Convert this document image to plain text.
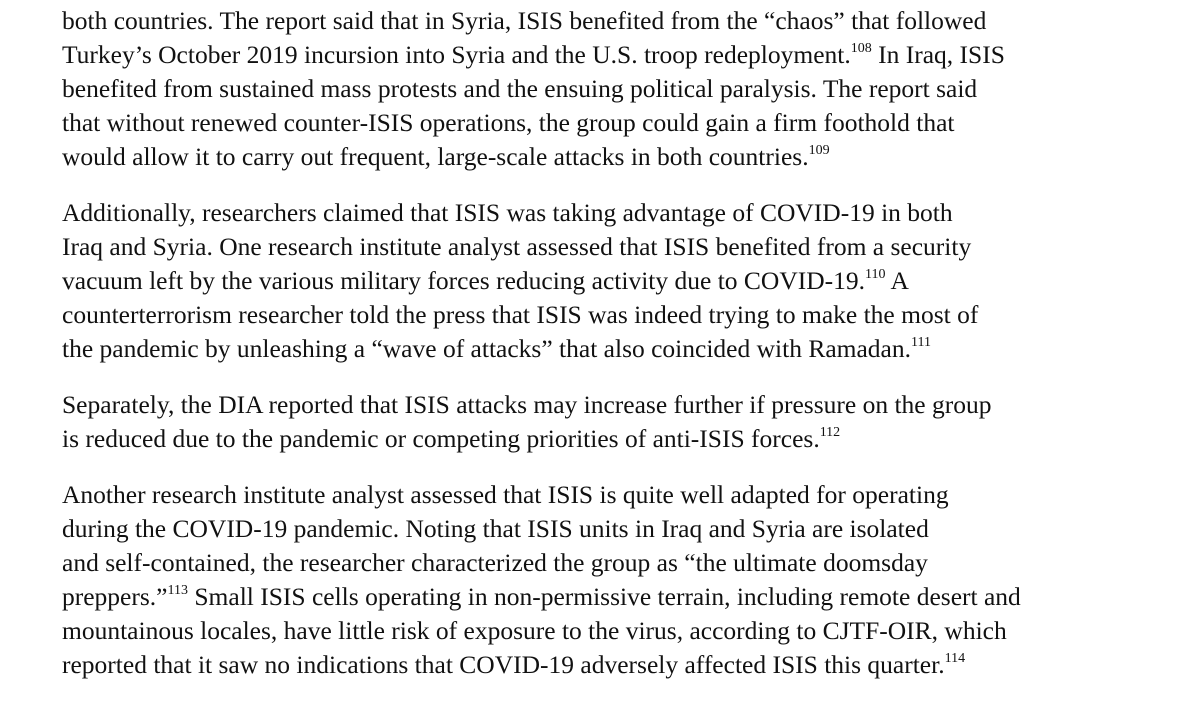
both countries. The report said that in Syria, ISIS benefited from the “chaos” that followed
Turkey’s October 2019 incursion into Syria and the U.S. troop redeployment.$^{108}$ In Iraq, ISIS
benefited from sustained mass protests and the ensuing political paralysis. The report said
that without renewed counter-ISIS operations, the group could gain a firm foothold that
would allow it to carry out frequent, large-scale attacks in both countries.$^{109}$
Additionally, researchers claimed that ISIS was taking advantage of COVID-19 in both
Iraq and Syria. One research institute analyst assessed that ISIS benefited from a security
vacuum left by the various military forces reducing activity due to COVID-19.$^{110}$ A
counterterrorism researcher told the press that ISIS was indeed trying to make the most of
the pandemic by unleashing a “wave of attacks” that also coincided with Ramadan.$^{111}$
Separately, the DIA reported that ISIS attacks may increase further if pressure on the group
is reduced due to the pandemic or competing priorities of anti-ISIS forces.$^{112}$
Another research institute analyst assessed that ISIS is quite well adapted for operating
during the COVID-19 pandemic. Noting that ISIS units in Iraq and Syria are isolated
and self-contained, the researcher characterized the group as “the ultimate doomsday
preppers.”$^{113}$ Small ISIS cells operating in non-permissive terrain, including remote desert and
mountainous locales, have little risk of exposure to the virus, according to CJTF-OIR, which
reported that it saw no indications that COVID-19 adversely affected ISIS this quarter.$^{114}$
